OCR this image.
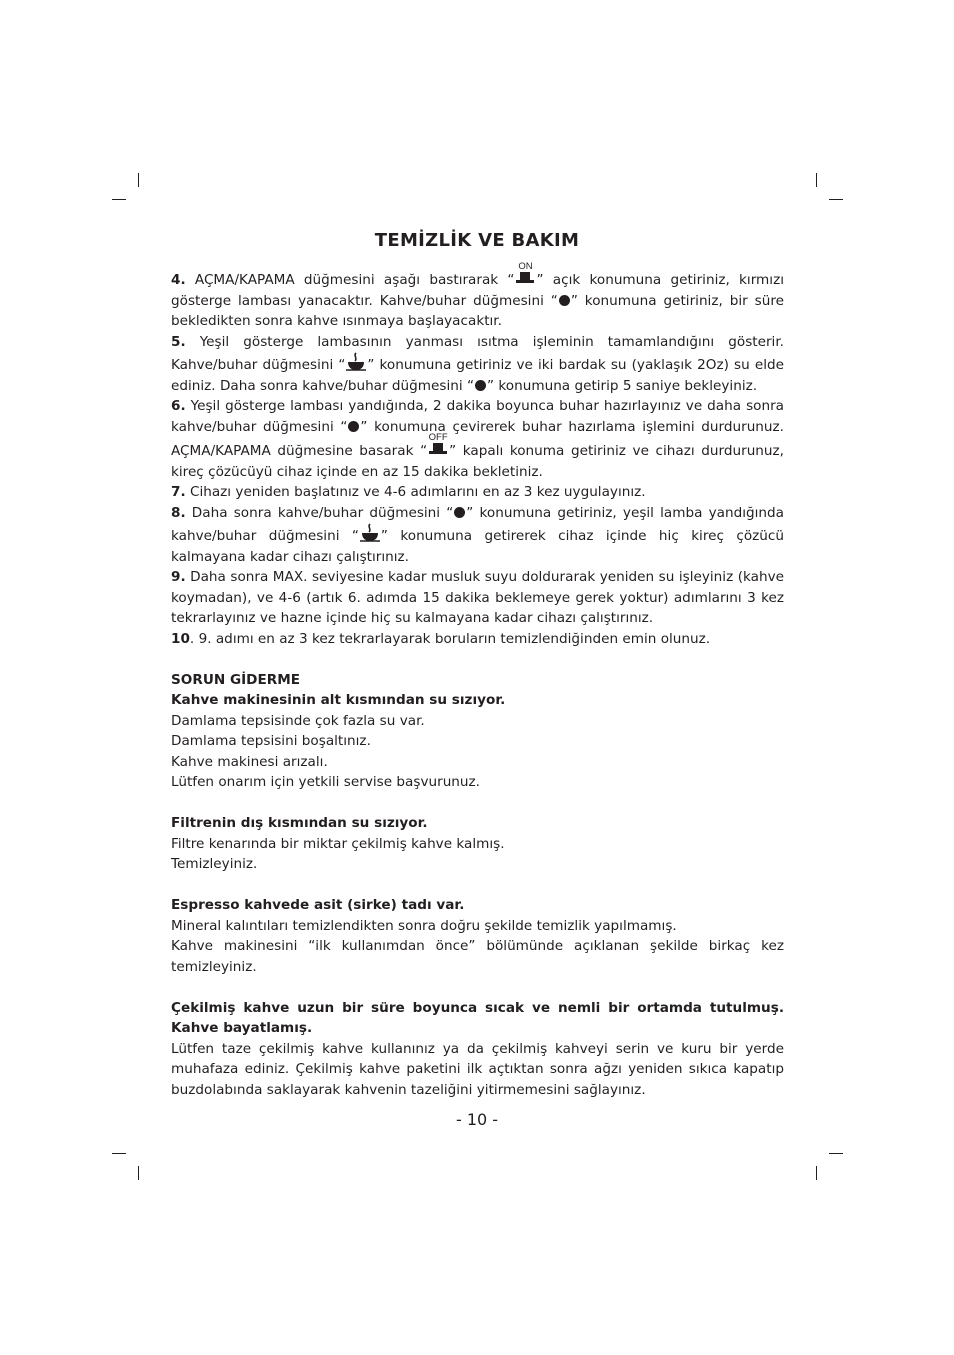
TEMİZLİK VE BAKIM

4. AÇMA/KAPAMA düğmesini aşağı bastırarak “
ON
” açık konumuna getiriniz, kırmızı gösterge lambası yanacaktır. Kahve/buhar düğmesini “ ” konumuna getiriniz, bir süre bekledikten sonra kahve ısınmaya başlayacaktır.

5. Yeşil gösterge lambasının yanması ısıtma işleminin tamamlandığını gösterir. Kahve/buhar düğmesini “ ” konumuna getiriniz ve iki bardak su (yaklaşık 2Oz) su elde ediniz. Daha sonra kahve/buhar düğmesini “ ” konumuna getirip 5 saniye bekleyiniz.

6. Yeşil gösterge lambası yandığında, 2 dakika boyunca buhar hazırlayınız ve daha sonra kahve/buhar düğmesini “ ” konumuna çevirerek buhar hazırlama işlemini durdurunuz. AÇMA/KAPAMA düğmesine basarak “
OFF
” kapalı konuma getiriniz ve cihazı durdurunuz, kireç çözücüyü cihaz içinde en az 15 dakika bekletiniz.

7. Cihazı yeniden başlatınız ve 4-6 adımlarını en az 3 kez uygulayınız.

8. Daha sonra kahve/buhar düğmesini “ ” konumuna getiriniz, yeşil lamba yandığında kahve/buhar düğmesini “ ” konumuna getirerek cihaz içinde hiç kireç çözücü kalmayana kadar cihazı çalıştırınız.

9. Daha sonra MAX. seviyesine kadar musluk suyu doldurarak yeniden su işleyiniz (kahve koymadan), ve 4-6 (artık 6. adımda 15 dakika beklemeye gerek yoktur) adımlarını 3 kez tekrarlayınız ve hazne içinde hiç su kalmayana kadar cihazı çalıştırınız.

10. 9. adımı en az 3 kez tekrarlayarak boruların temizlendiğinden emin olunuz.

SORUN GİDERME

Kahve makinesinin alt kısmından su sızıyor.

Damlama tepsisinde çok fazla su var.

Damlama tepsisini boşaltınız.

Kahve makinesi arızalı.

Lütfen onarım için yetkili servise başvurunuz.

Filtrenin dış kısmından su sızıyor.

Filtre kenarında bir miktar çekilmiş kahve kalmış.

Temizleyiniz.

Espresso kahvede asit (sirke) tadı var.

Mineral kalıntıları temizlendikten sonra doğru şekilde temizlik yapılmamış.

Kahve makinesini “ilk kullanımdan önce” bölümünde açıklanan şekilde birkaç kez temizleyiniz.

Çekilmiş kahve uzun bir süre boyunca sıcak ve nemli bir ortamda tutulmuş. Kahve bayatlamış.

Lütfen taze çekilmiş kahve kullanınız ya da çekilmiş kahveyi serin ve kuru bir yerde muhafaza ediniz. Çekilmiş kahve paketini ilk açtıktan sonra ağzı yeniden sıkıca kapatıp buzdolabında saklayarak kahvenin tazeliğini yitirmemesini sağlayınız.

- 10 -
